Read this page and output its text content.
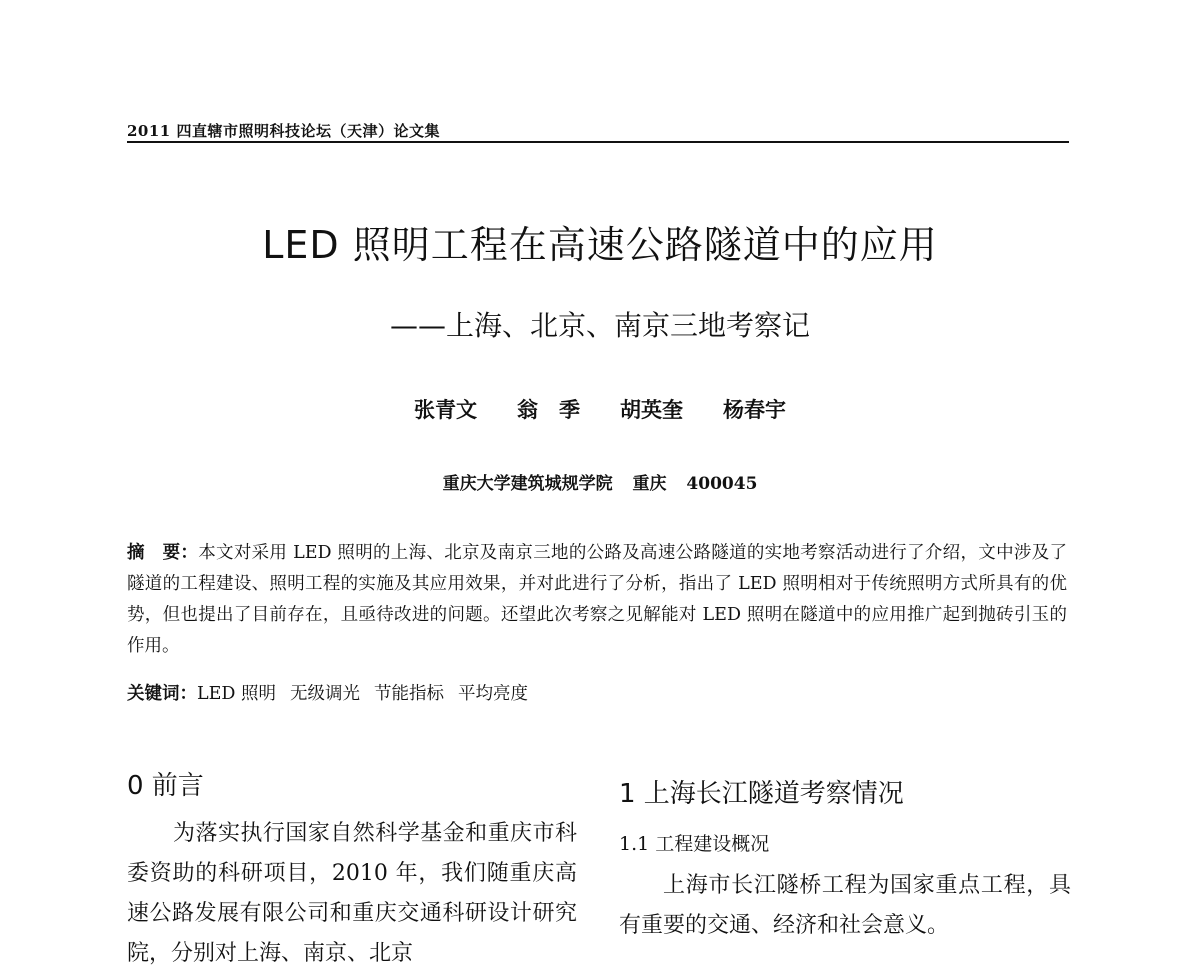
2011 四直辖市照明科技论坛（天津）论文集
LED 照明工程在高速公路隧道中的应用
——上海、北京、南京三地考察记
张青文 翁　季 胡英奎 杨春宇
重庆大学建筑城规学院 重庆 400045
摘　要：本文对采用 LED 照明的上海、北京及南京三地的公路及高速公路隧道的实地考察活动进行了介绍，文中涉及了隧道的工程建设、照明工程的实施及其应用效果，并对此进行了分析，指出了 LED 照明相对于传统照明方式所具有的优势，但也提出了目前存在，且亟待改进的问题。还望此次考察之见解能对 LED 照明在隧道中的应用推广起到抛砖引玉的作用。
关键词：LED 照明 无级调光 节能指标 平均亮度
0 前言
为落实执行国家自然科学基金和重庆市科委资助的科研项目，2010 年，我们随重庆高速公路发展有限公司和重庆交通科研设计研究院，分别对上海、南京、北京
1 上海长江隧道考察情况
1.1 工程建设概况
上海市长江隧桥工程为国家重点工程，具有重要的交通、经济和社会意义。
